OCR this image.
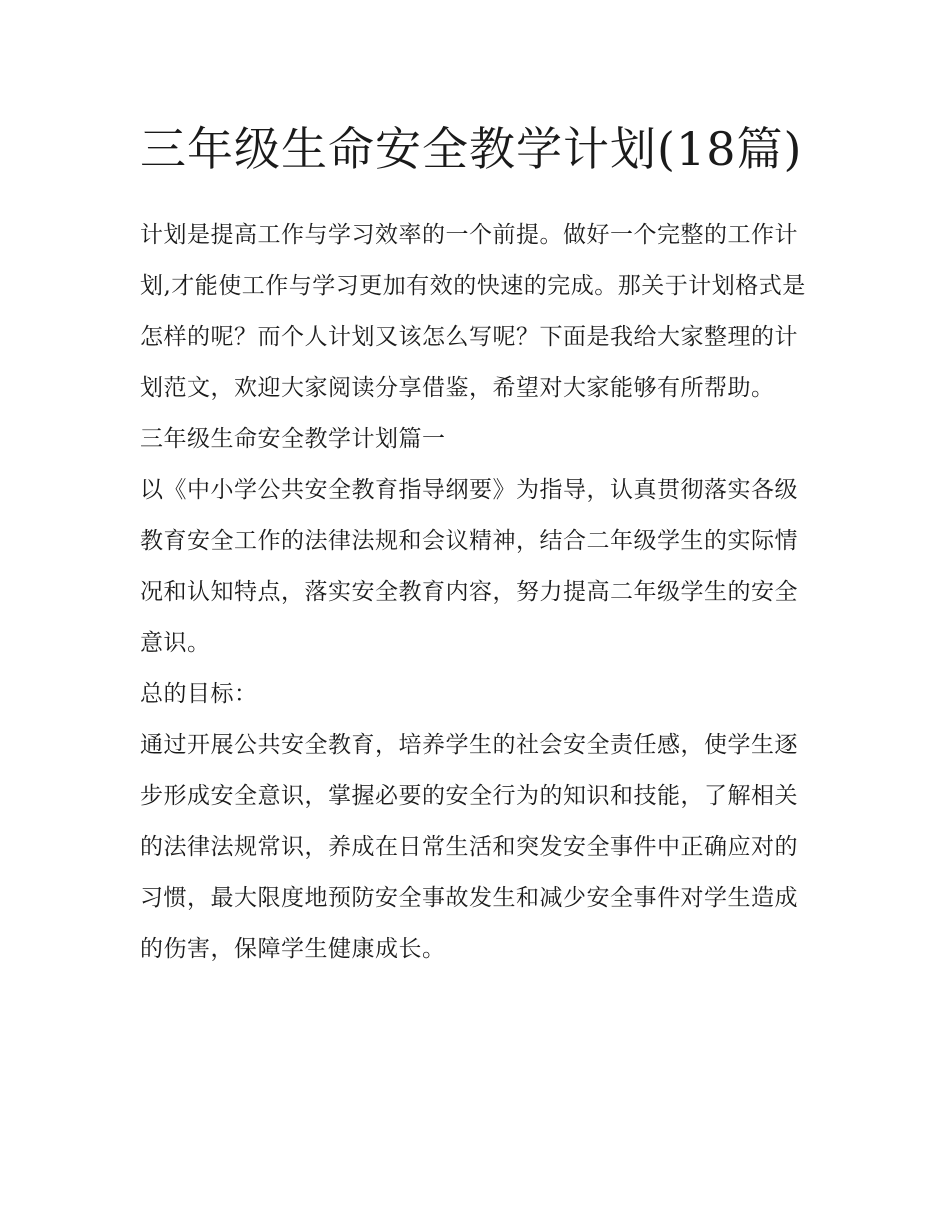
三年级生命安全教学计划(18篇)

计划是提高工作与学习效率的一个前提。做好一个完整的工作计划,才能使工作与学习更加有效的快速的完成。那关于计划格式是怎样的呢？而个人计划又该怎么写呢？下面是我给大家整理的计划范文，欢迎大家阅读分享借鉴，希望对大家能够有所帮助。

三年级生命安全教学计划篇一

以《中小学公共安全教育指导纲要》为指导，认真贯彻落实各级教育安全工作的法律法规和会议精神，结合二年级学生的实际情况和认知特点，落实安全教育内容，努力提高二年级学生的安全意识。

总的目标：

通过开展公共安全教育，培养学生的社会安全责任感，使学生逐步形成安全意识，掌握必要的安全行为的知识和技能，了解相关的法律法规常识，养成在日常生活和突发安全事件中正确应对的习惯，最大限度地预防安全事故发生和减少安全事件对学生造成的伤害，保障学生健康成长。
